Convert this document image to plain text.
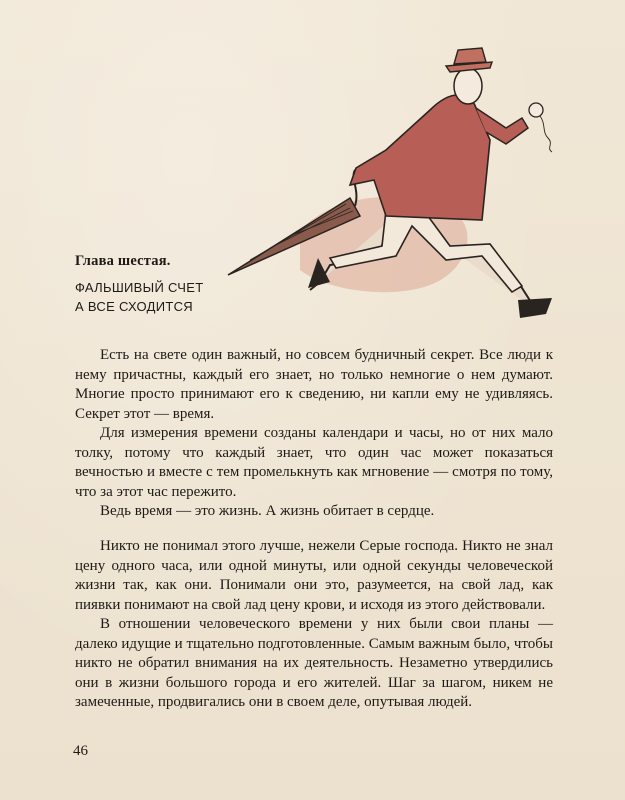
Глава шестая.

ФАЛЬШИВЫЙ СЧЕТ
А ВСЕ СХОДИТСЯ

Есть на свете один важный, но совсем будничный секрет. Все люди к нему причастны, каждый его знает, но только немногие о нем думают. Многие просто принимают его к сведению, ни капли ему не удивляясь. Секрет этот — время.

Для измерения времени созданы календари и часы, но от них мало толку, потому что каждый знает, что один час может показаться вечностью и вместе с тем промелькнуть как мгновение — смотря по тому, что за этот час пережито.

Ведь время — это жизнь. А жизнь обитает в сердце.

Никто не понимал этого лучше, нежели Серые господа. Никто не знал цену одного часа, или одной минуты, или одной секунды человеческой жизни так, как они. Понимали они это, разумеется, на свой лад, как пиявки понимают на свой лад цену крови, и исходя из этого действовали.

В отношении человеческого времени у них были свои планы — далеко идущие и тщательно подготовленные. Самым важным было, чтобы никто не обратил внимания на их деятельность. Незаметно утвердились они в жизни большого города и его жителей. Шаг за шагом, никем не замеченные, продвигались они в своем деле, опутывая людей.

46
